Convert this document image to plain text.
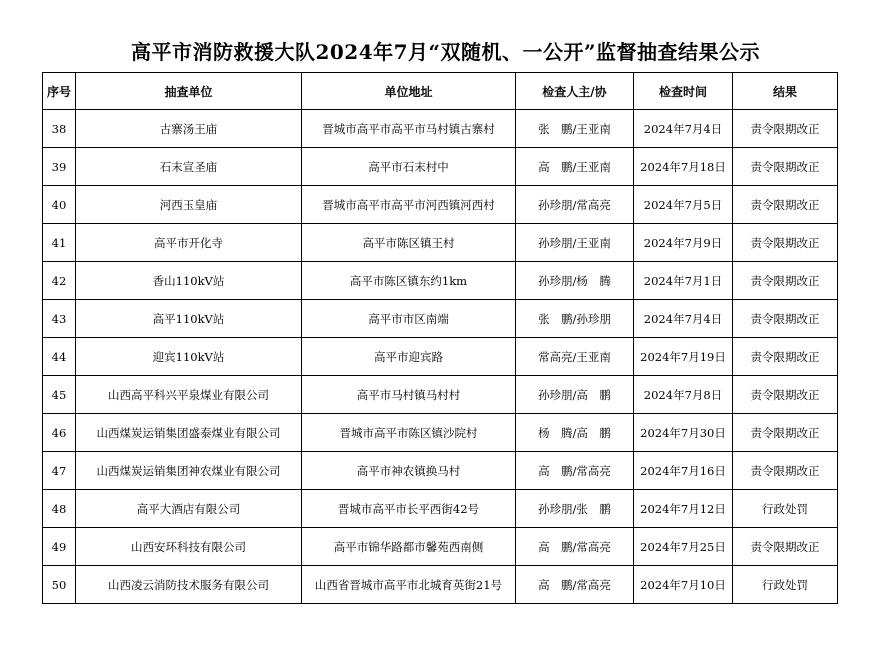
高平市消防救援大队2024年7月“双随机、一公开”监督抽查结果公示
序号	抽查单位	单位地址	检查人主/协	检查时间	结果
38	古寨汤王庙	晋城市高平市高平市马村镇古寨村	张　鹏/王亚南	2024年7月4日	责令限期改正
39	石末宣圣庙	高平市石末村中	高　鹏/王亚南	2024年7月18日	责令限期改正
40	河西玉皇庙	晋城市高平市高平市河西镇河西村	孙珍朋/常高亮	2024年7月5日	责令限期改正
41	高平市开化寺	高平市陈区镇王村	孙珍朋/王亚南	2024年7月9日	责令限期改正
42	香山110kV站	高平市陈区镇东约1km	孙珍朋/杨　腾	2024年7月1日	责令限期改正
43	高平110kV站	高平市市区南端	张　鹏/孙珍朋	2024年7月4日	责令限期改正
44	迎宾110kV站	高平市迎宾路	常高亮/王亚南	2024年7月19日	责令限期改正
45	山西高平科兴平泉煤业有限公司	高平市马村镇马村村	孙珍朋/高　鹏	2024年7月8日	责令限期改正
46	山西煤炭运销集团盛泰煤业有限公司	晋城市高平市陈区镇沙院村	杨　腾/高　鹏	2024年7月30日	责令限期改正
47	山西煤炭运销集团神农煤业有限公司	高平市神农镇换马村	高　鹏/常高亮	2024年7月16日	责令限期改正
48	高平大酒店有限公司	晋城市高平市长平西街42号	孙珍朋/张　鹏	2024年7月12日	行政处罚
49	山西安环科技有限公司	高平市锦华路都市馨苑西南侧	高　鹏/常高亮	2024年7月25日	责令限期改正
50	山西凌云消防技术服务有限公司	山西省晋城市高平市北城育英街21号	高　鹏/常高亮	2024年7月10日	行政处罚
